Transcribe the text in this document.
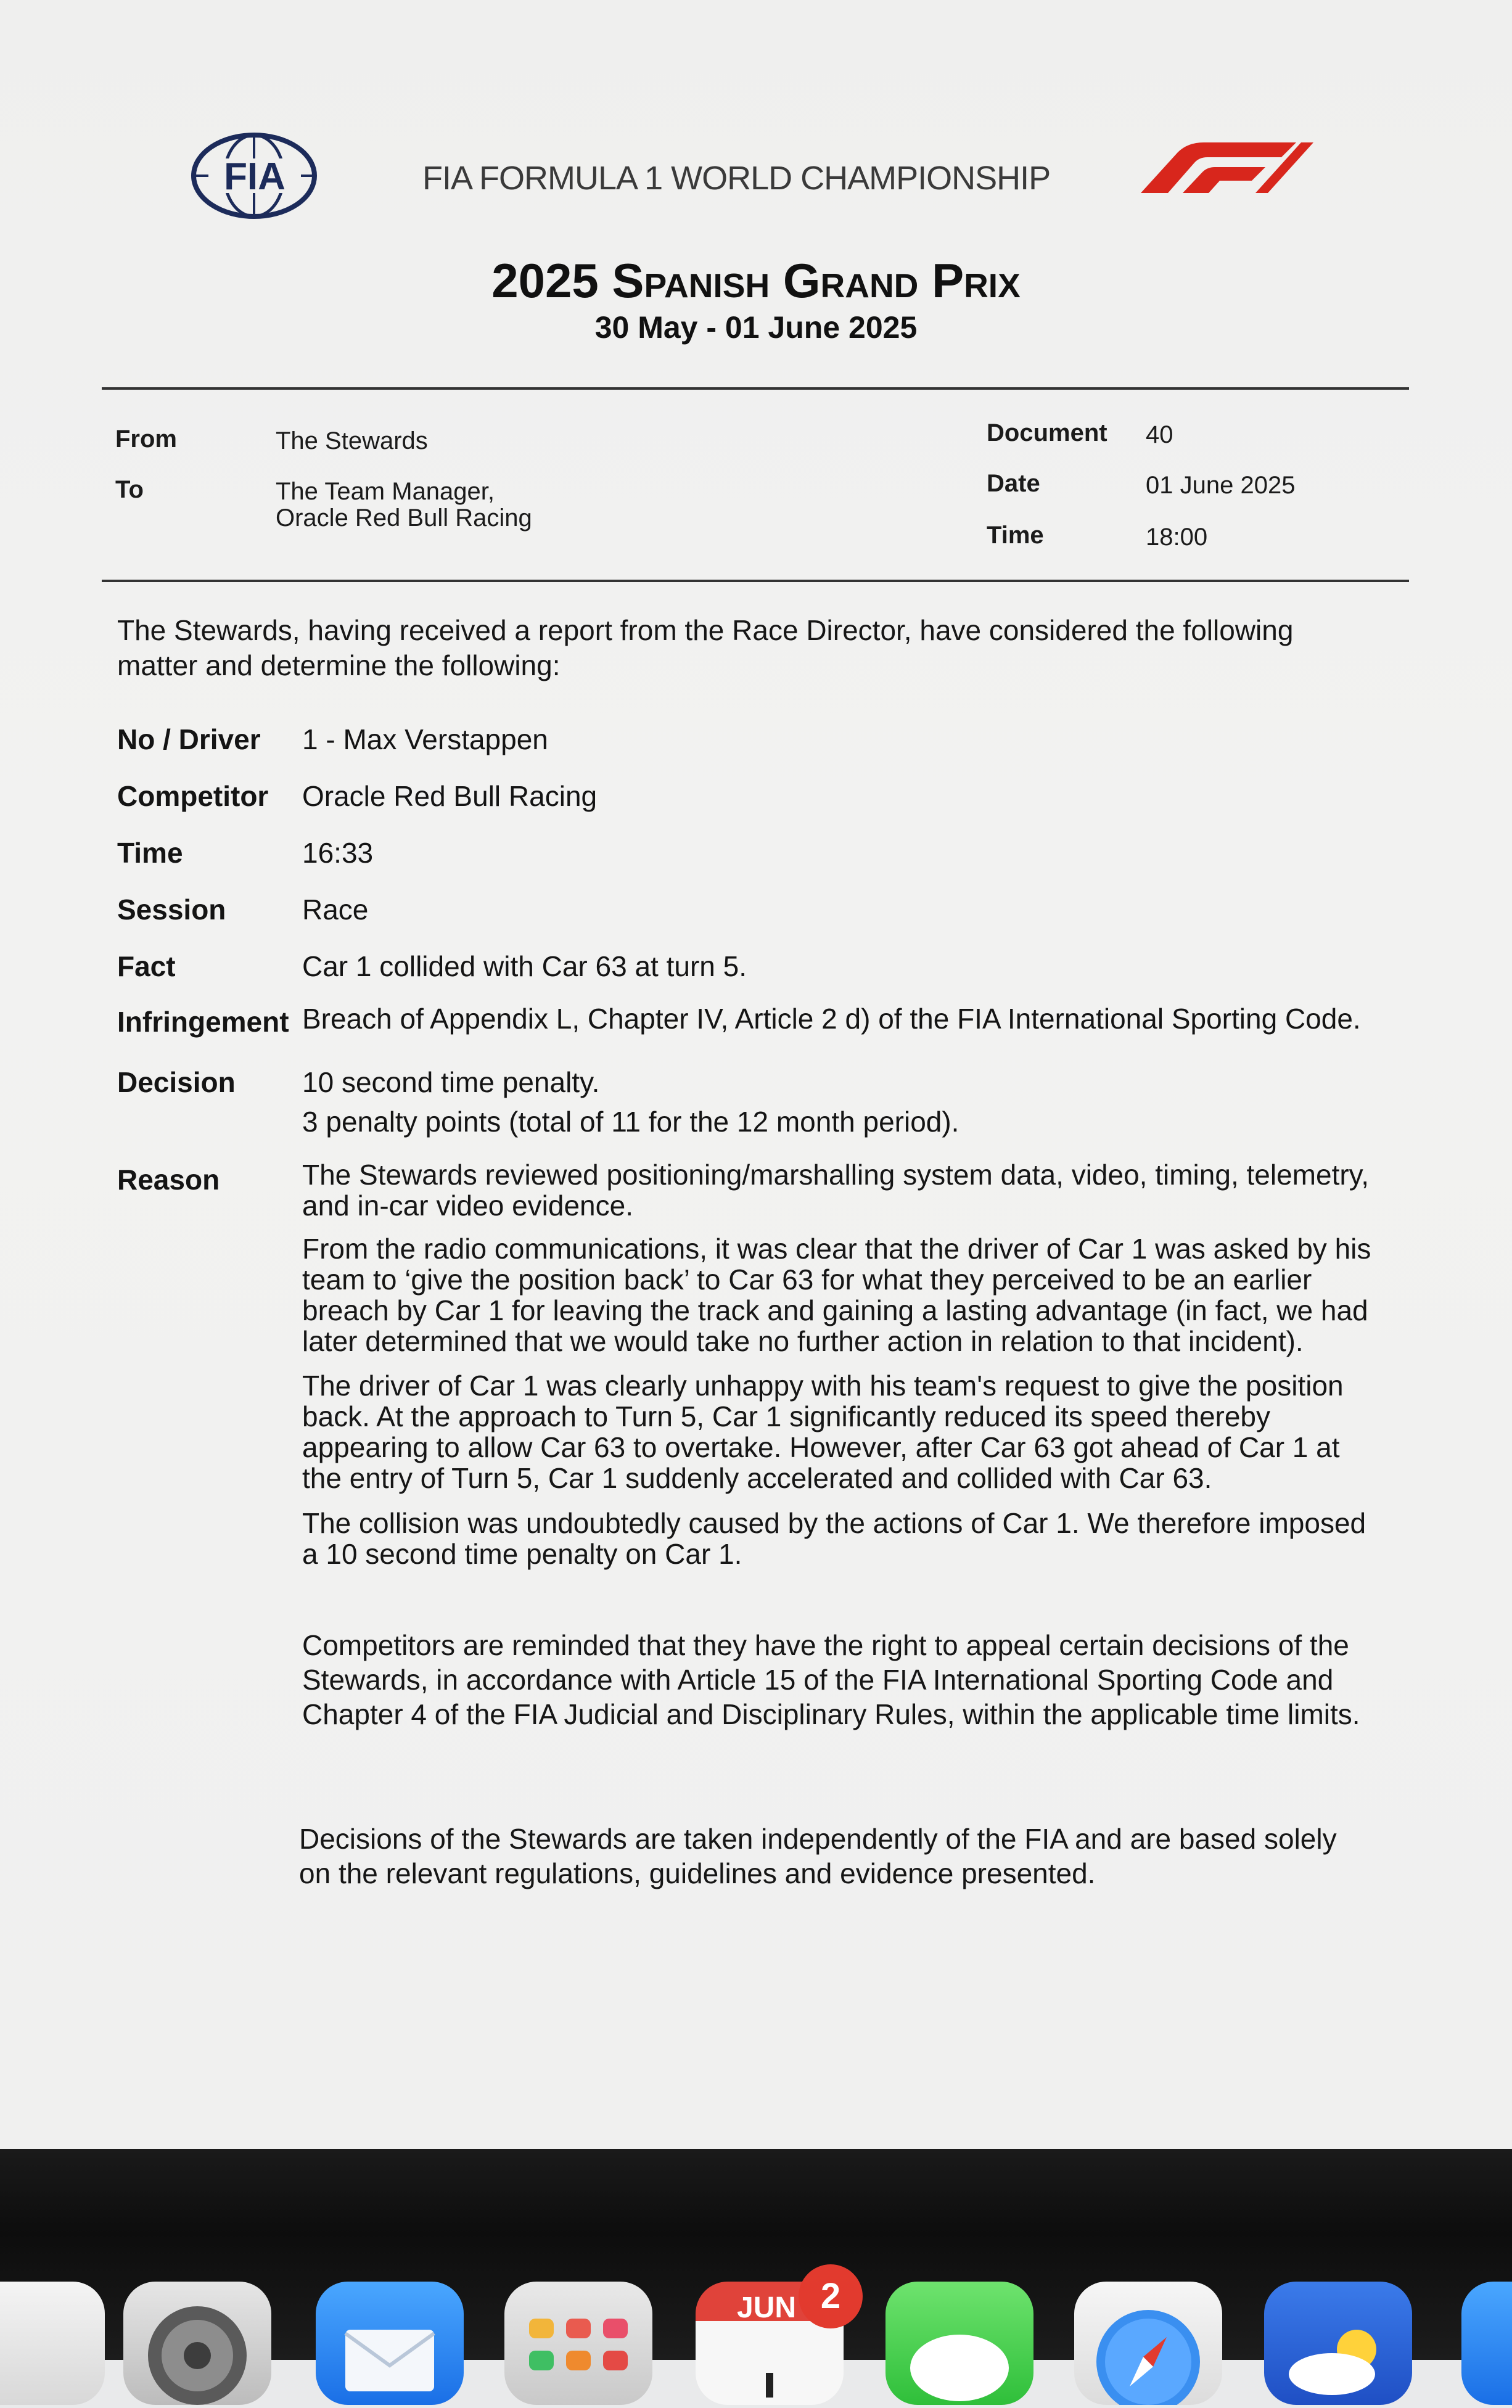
FIA	FIA FORMULA 1 WORLD CHAMPIONSHIP
2025 Spanish Grand Prix
30 May - 01 June 2025
From	The Stewards
To	The Team Manager,
Oracle Red Bull Racing
Document 40
Date	01 June 2025
Time	18:00
The Stewards, having received a report from the Race Director, have considered the following
matter and determine the following:
No / Driver 1 - Max Verstappen
Competitor Oracle Red Bull Racing
Time	16:33
Session	Race
Fact	Car 1 collided with Car 63 at turn 5.
Infringement Breach of Appendix L, Chapter IV, Article 2 d) of the FIA International Sporting Code.
Decision 10 second time penalty.
3 penalty points (total of 11 for the 12 month period).
Reason	The Stewards reviewed positioning/marshalling system data, video, timing, telemetry,
and in-car video evidence.
From the radio communications, it was clear that the driver of Car 1 was asked by his
team to ‘give the position back’ to Car 63 for what they perceived to be an earlier
breach by Car 1 for leaving the track and gaining a lasting advantage (in fact, we had
later determined that we would take no further action in relation to that incident).
The driver of Car 1 was clearly unhappy with his team's request to give the position
back. At the approach to Turn 5, Car 1 significantly reduced its speed thereby
appearing to allow Car 63 to overtake. However, after Car 63 got ahead of Car 1 at
the entry of Turn 5, Car 1 suddenly accelerated and collided with Car 63.
The collision was undoubtedly caused by the actions of Car 1. We therefore imposed
a 10 second time penalty on Car 1.
Competitors are reminded that they have the right to appeal certain decisions of the
Stewards, in accordance with Article 15 of the FIA International Sporting Code and
Chapter 4 of the FIA Judicial and Disciplinary Rules, within the applicable time limits.
Decisions of the Stewards are taken independently of the FIA and are based solely
on the relevant regulations, guidelines and evidence presented.
JUN 2
